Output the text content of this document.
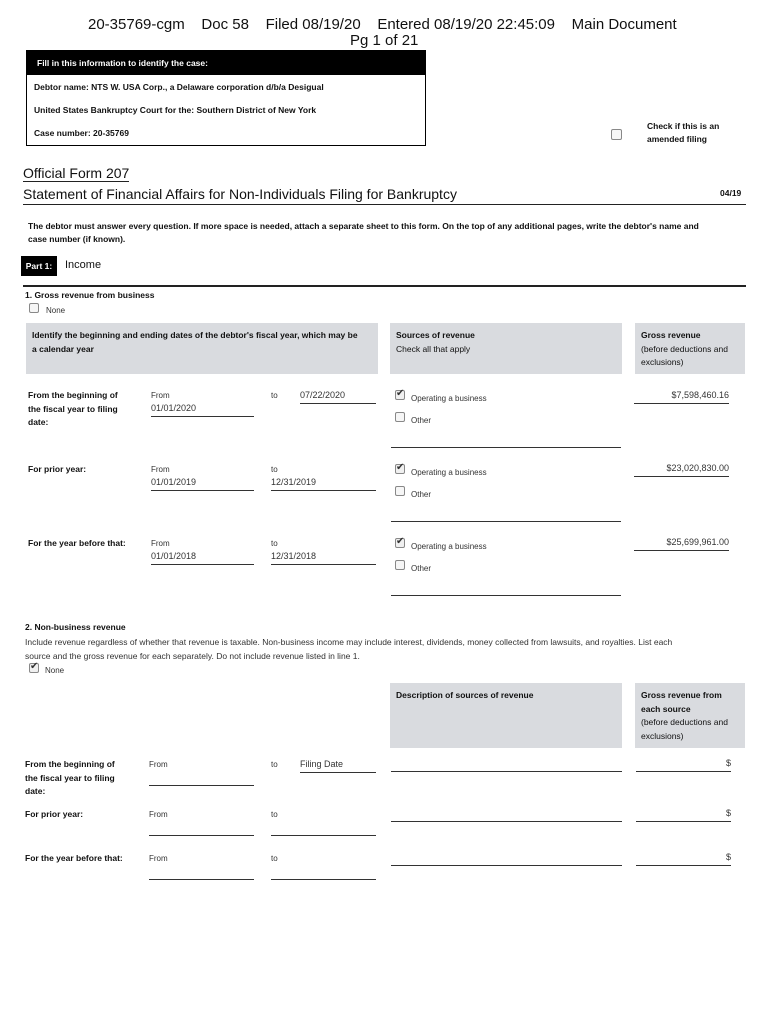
20-35769-cgm    Doc 58    Filed 08/19/20    Entered 08/19/20 22:45:09    Main Document
Pg 1 of 21
Fill in this information to identify the case:
Debtor name: NTS W. USA Corp., a Delaware corporation d/b/a Desigual
United States Bankruptcy Court for the: Southern District of New York
Case number: 20-35769
Check if this is an
amended filing
Official Form 207
Statement of Financial Affairs for Non-Individuals Filing for Bankruptcy	04/19
The debtor must answer every question. If more space is needed, attach a separate sheet to this form. On the top of any additional pages, write the debtor's name and
case number (if known).
Part 1:	Income
1. Gross revenue from business
None
Identify the beginning and ending dates of the debtor's fiscal year, which may be
a calendar year
Sources of revenue
Check all that apply
Gross revenue
(before deductions and
exclusions)
From the beginning of
the fiscal year to filing
date:
From
01/01/2020
to 07/22/2020
✔	Operating a business
Other
$7,598,460.16
For prior year:	From
01/01/2019
to
12/31/2019
✔
Operating a business
Other
$23,020,830.00
For the year before that:	From
01/01/2018
to
12/31/2018
✔
Operating a business
Other
$25,699,961.00
2. Non-business revenue
Include revenue regardless of whether that revenue is taxable. Non-business income may include interest, dividends, money collected from lawsuits, and royalties. List each
source and the gross revenue for each separately. Do not include revenue listed in line 1.
✔
None
Description of sources of revenue	Gross revenue from
each source
(before deductions and
exclusions)
From the beginning of
the fiscal year to filing
date:
From	to Filing Date	$
For prior year:	From	to	$
For the year before that:	From	to	$
